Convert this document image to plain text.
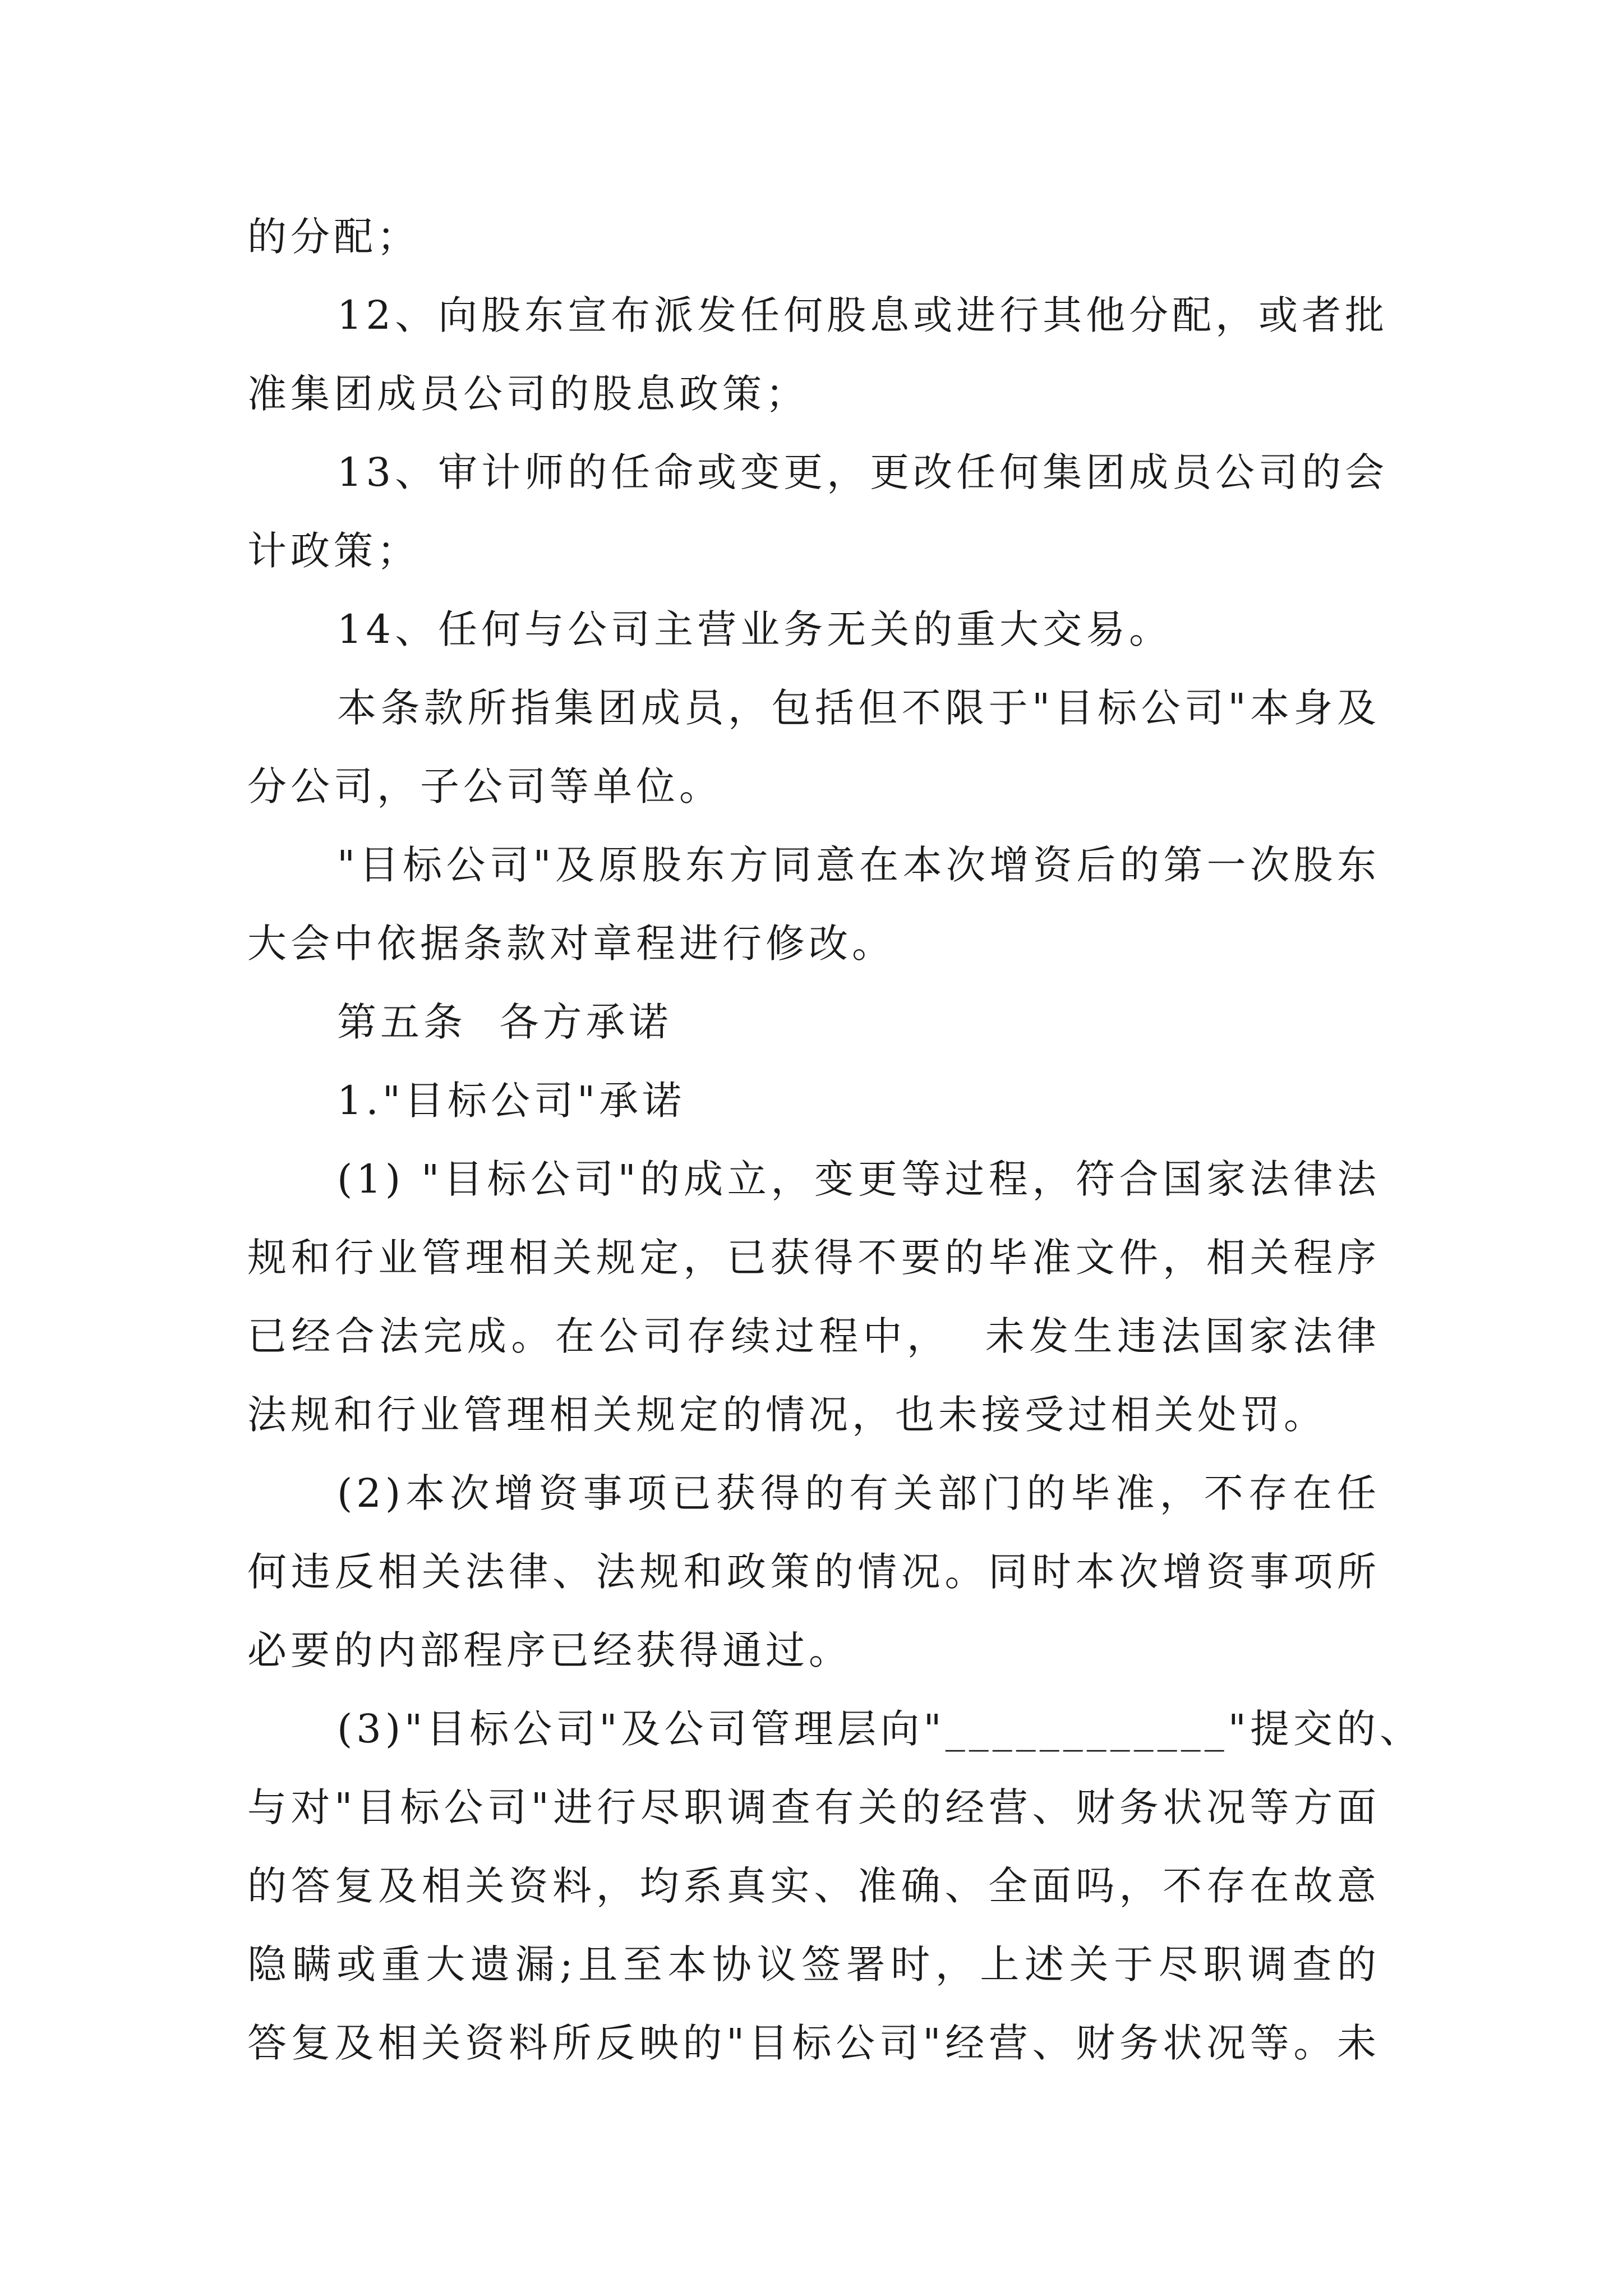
的分配；
12、向股东宣布派发任何股息或进行其他分配，或者批
准集团成员公司的股息政策；
13、审计师的任命或变更，更改任何集团成员公司的会
计政策；
14、任何与公司主营业务无关的重大交易。
本条款所指集团成员，包括但不限于"目标公司"本身及
分公司，子公司等单位。
"目标公司"及原股东方同意在本次增资后的第一次股东
大会中依据条款对章程进行修改。
第五条  各方承诺
1."目标公司"承诺
(1) "目标公司"的成立，变更等过程，符合国家法律法
规和行业管理相关规定，已获得不要的毕准文件，相关程序
已经合法完成。在公司存续过程中，  未发生违法国家法律
法规和行业管理相关规定的情况，也未接受过相关处罚。
(2)本次增资事项已获得的有关部门的毕准，不存在任
何违反相关法律、法规和政策的情况。同时本次增资事项所
必要的内部程序已经获得通过。
(3)"目标公司"及公司管理层向"____________"提交的、
与对"目标公司"进行尽职调查有关的经营、财务状况等方面
的答复及相关资料，均系真实、准确、全面吗，不存在故意
隐瞒或重大遗漏;且至本协议签署时，上述关于尽职调查的
答复及相关资料所反映的"目标公司"经营、财务状况等。未
